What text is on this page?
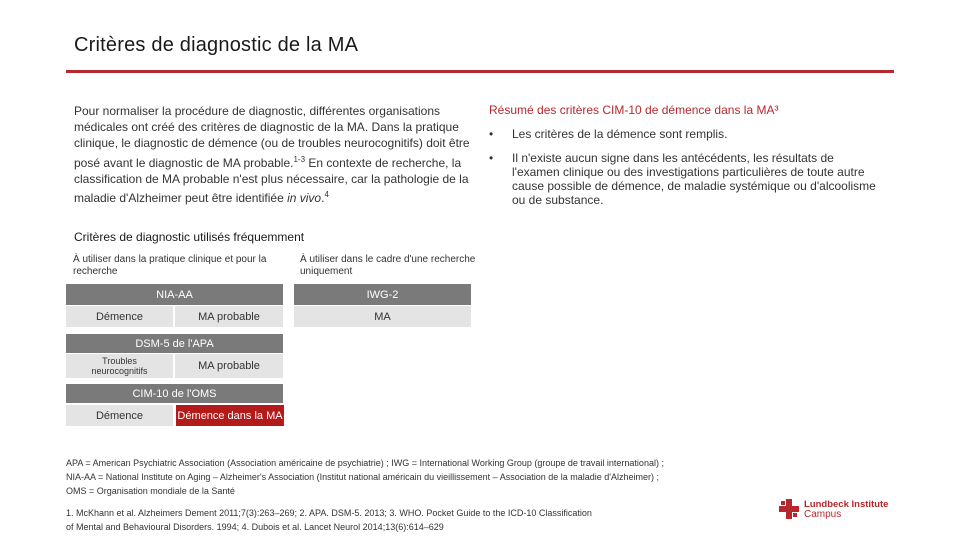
Critères de diagnostic de la MA

Pour normaliser la procédure de diagnostic, différentes organisations médicales ont créé des critères de diagnostic de la MA. Dans la pratique clinique, le diagnostic de démence (ou de troubles neurocognitifs) doit être posé avant le diagnostic de MA probable.$^{1-3}$ En contexte de recherche, la classification de MA probable n'est plus nécessaire, car la pathologie de la maladie d'Alzheimer peut être identifiée in vivo.$^4$

Résumé des critères CIM-10 de démence dans la MA³
• Les critères de la démence sont remplis.
• Il n'existe aucun signe dans les antécédents, les résultats de l'examen clinique ou des investigations particulières de toute autre cause possible de démence, de maladie systémique ou d'alcoolisme ou de substance.
Critères de diagnostic utilisés fréquemment
À utiliser dans la pratique clinique et pour la recherche
À utiliser dans le cadre d'une recherche uniquement
NIA-AA
Démence	MA probable
IWG-2
MA
DSM-5 de l'APA
Troubles neurocognitifs	MA probable
CIM-10 de l'OMS
Démence	Démence dans la MA
APA = American Psychiatric Association (Association américaine de psychiatrie) ; IWG = International Working Group (groupe de travail international) ;
NIA-AA = National Institute on Aging – Alzheimer's Association (Institut national américain du vieillissement – Association de la maladie d'Alzheimer) ;
OMS = Organisation mondiale de la Santé
1. McKhann et al. Alzheimers Dement 2011;7(3):263–269; 2. APA. DSM-5. 2013; 3. WHO. Pocket Guide to the ICD-10 Classification
of Mental and Behavioural Disorders. 1994; 4. Dubois et al. Lancet Neurol 2014;13(6):614–629
Lundbeck Institute
Campus
